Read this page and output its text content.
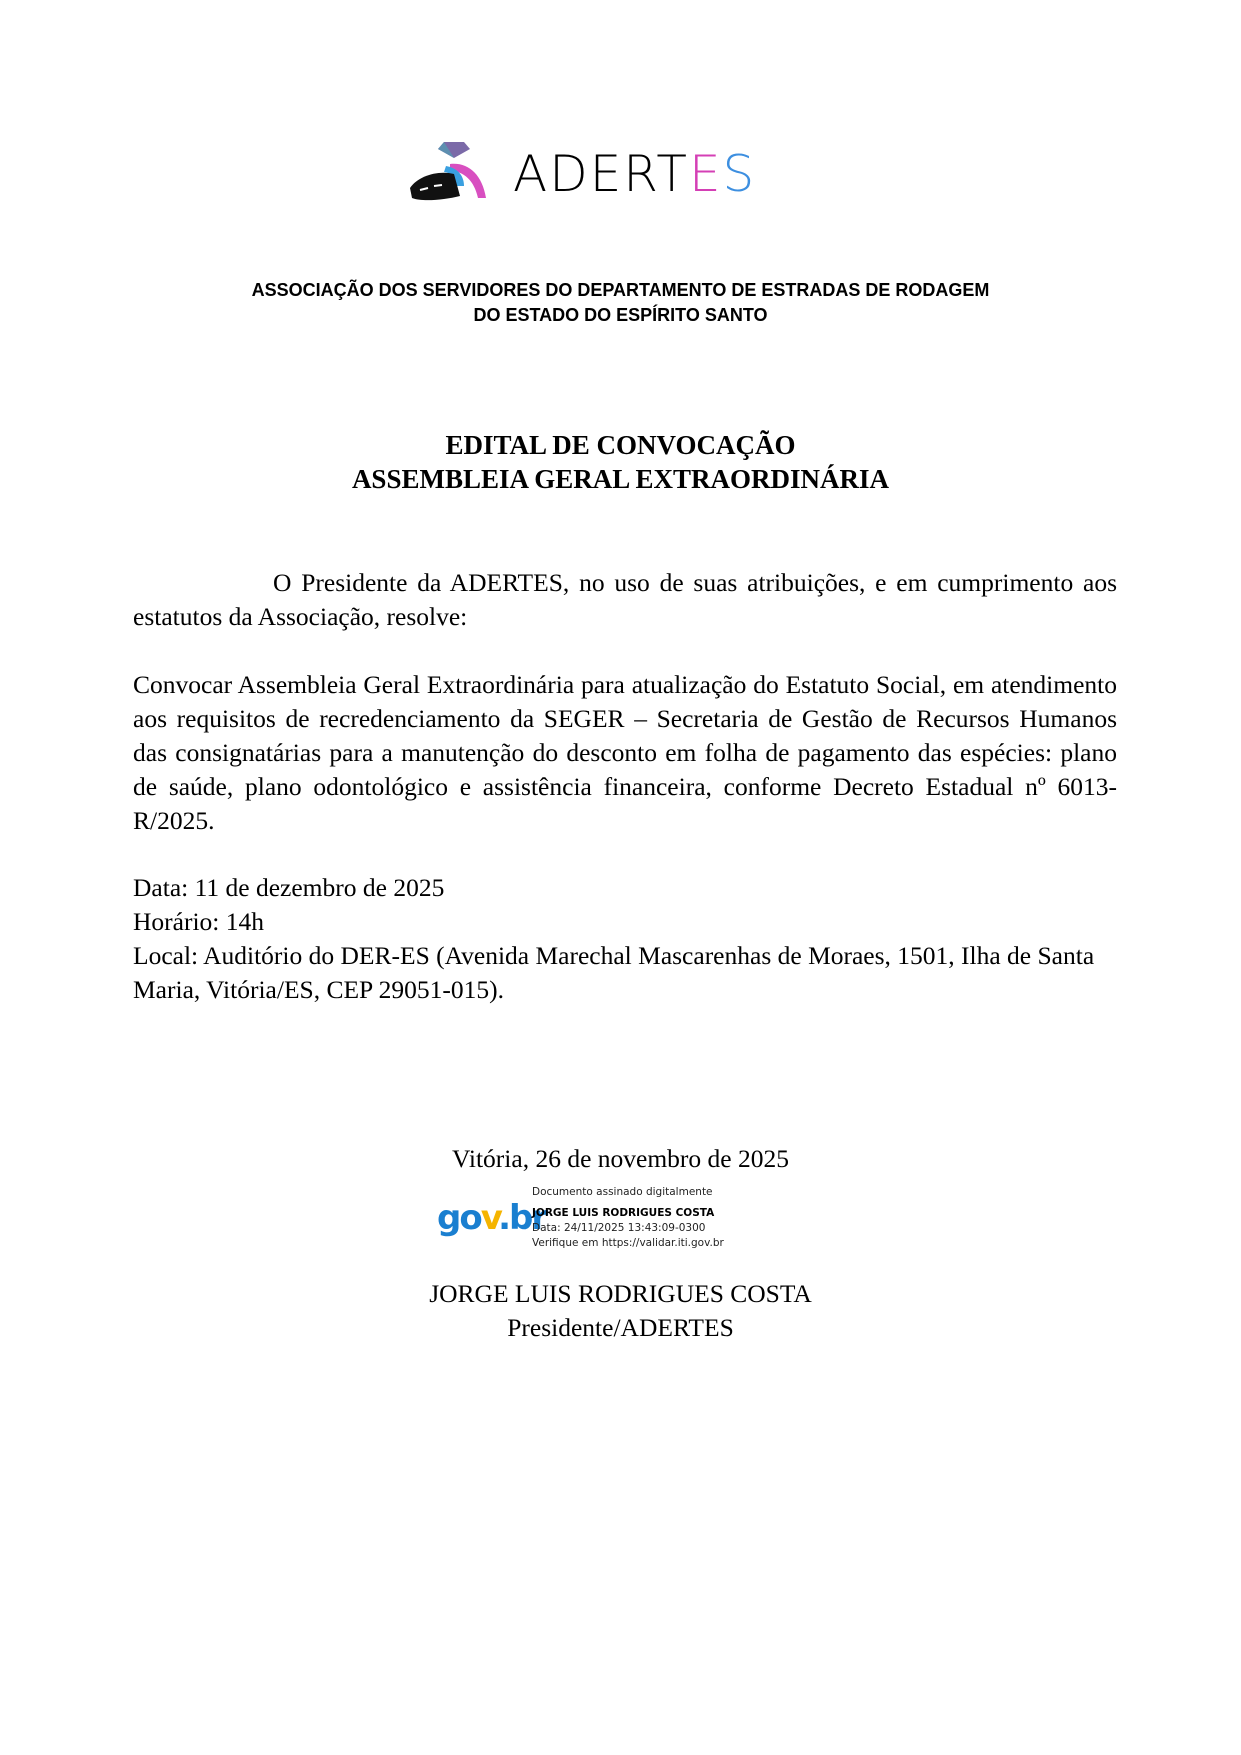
ADERTES
ASSOCIAÇÃO DOS SERVIDORES DO DEPARTAMENTO DE ESTRADAS DE RODAGEM
DO ESTADO DO ESPÍRITO SANTO
EDITAL DE CONVOCAÇÃO
ASSEMBLEIA GERAL EXTRAORDINÁRIA
O Presidente da ADERTES, no uso de suas atribuições, e em cumprimento aos estatutos da Associação, resolve:
Convocar Assembleia Geral Extraordinária para atualização do Estatuto Social, em atendimento aos requisitos de recredenciamento da SEGER – Secretaria de Gestão de Recursos Humanos das consignatárias para a manutenção do desconto em folha de pagamento das espécies: plano de saúde, plano odontológico e assistência financeira, conforme Decreto Estadual nº 6013-R/2025.
Data: 11 de dezembro de 2025
Horário: 14h
Local: Auditório do DER-ES (Avenida Marechal Mascarenhas de Moraes, 1501, Ilha de Santa Maria, Vitória/ES, CEP 29051-015).
Vitória, 26 de novembro de 2025
gov.br
Documento assinado digitalmente
JORGE LUIS RODRIGUES COSTA
Data: 24/11/2025 13:43:09-0300
Verifique em https://validar.iti.gov.br
JORGE LUIS RODRIGUES COSTA
Presidente/ADERTES
